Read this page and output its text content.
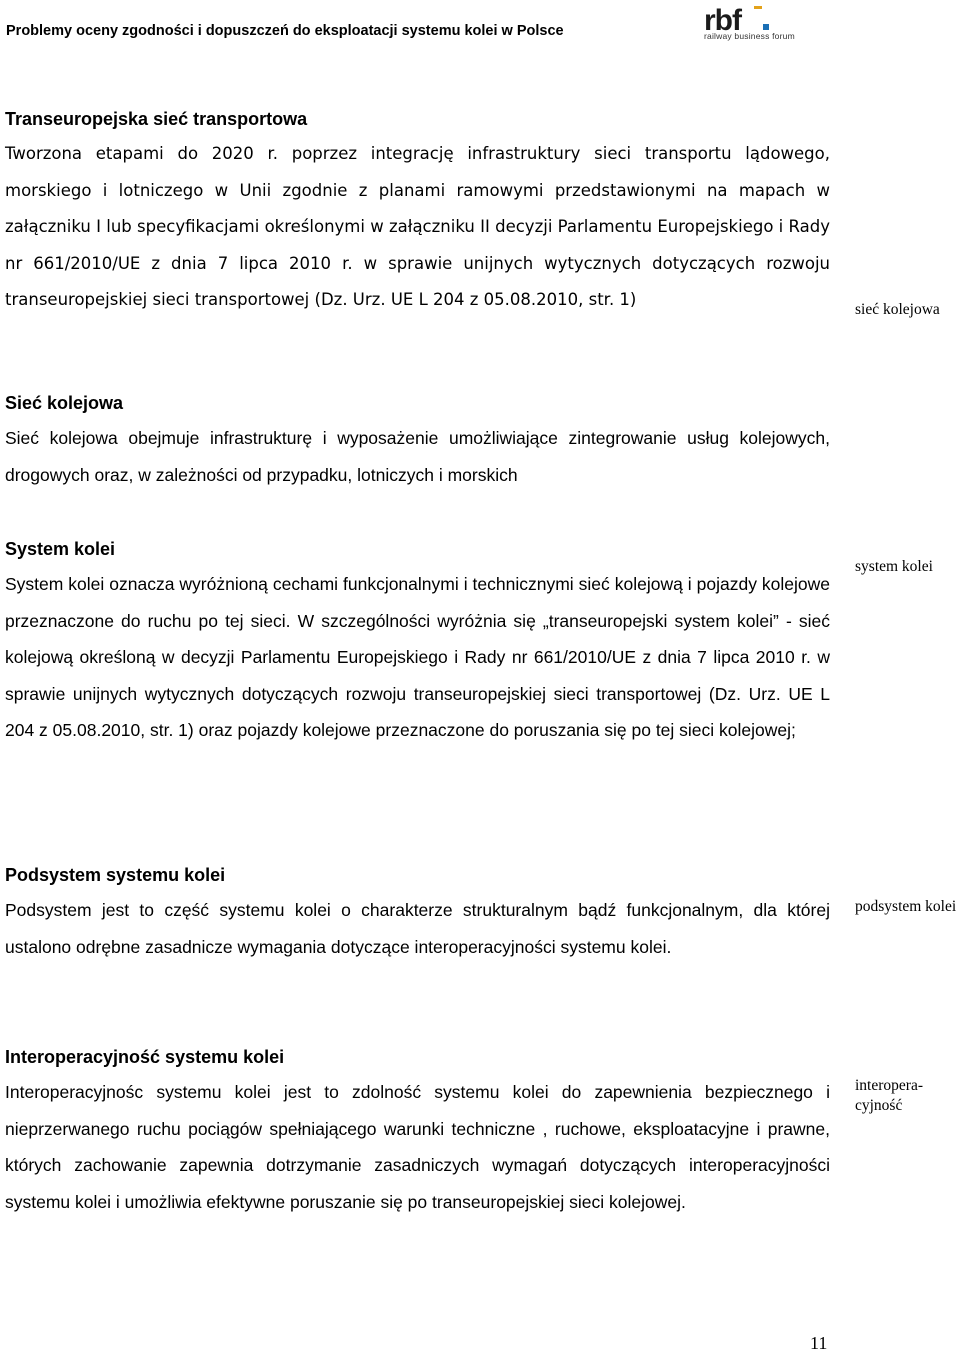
Problemy oceny zgodności i dopuszczeń do eksploatacji systemu kolei w Polsce	rbf
railway business forum

Transeuropejska sieć transportowa

Tworzona etapami do 2020 r. poprzez integrację infrastruktury sieci transportu lądowego, morskiego i lotniczego w Unii zgodnie z planami ramowymi przedstawionymi na mapach w załączniku I lub specyfikacjami określonymi w załączniku II decyzji Parlamentu Europejskiego i Rady nr 661/2010/UE z dnia 7 lipca 2010 r. w sprawie unijnych wytycznych dotyczących rozwoju transeuropejskiej sieci transportowej (Dz. Urz. UE L 204 z 05.08.2010, str. 1)

sieć kolejowa

Sieć kolejowa

Sieć kolejowa obejmuje infrastrukturę i wyposażenie umożliwiające zintegrowanie usług kolejowych, drogowych oraz, w zależności od przypadku, lotniczych i morskich

System kolei

System kolei oznacza wyróżnioną cechami funkcjonalnymi i technicznymi sieć kolejową i pojazdy kolejowe przeznaczone do ruchu po tej sieci. W szczególności wyróżnia się „transeuropejski system kolei” - sieć kolejową określoną w decyzji Parlamentu Europejskiego i Rady nr 661/2010/UE z dnia 7 lipca 2010 r. w sprawie unijnych wytycznych dotyczących rozwoju transeuropejskiej sieci transportowej (Dz. Urz. UE L 204 z 05.08.2010, str. 1) oraz pojazdy kolejowe przeznaczone do poruszania się po tej sieci kolejowej;

system kolei

Podsystem systemu kolei

Podsystem jest to część systemu kolei o charakterze strukturalnym bądź funkcjonalnym, dla której ustalono odrębne zasadnicze wymagania dotyczące interoperacyjności systemu kolei.

podsystem kolei

Interoperacyjność systemu kolei

Interoperacyjnośc systemu kolei jest to zdolność systemu kolei do zapewnienia bezpiecznego i nieprzerwanego ruchu pociągów spełniającego warunki techniczne , ruchowe, eksploatacyjne i prawne, których zachowanie zapewnia dotrzymanie zasadniczych wymagań dotyczących interoperacyjności systemu kolei i umożliwia efektywne poruszanie się po transeuropejskiej sieci kolejowej.

interopera-cyjność
11
